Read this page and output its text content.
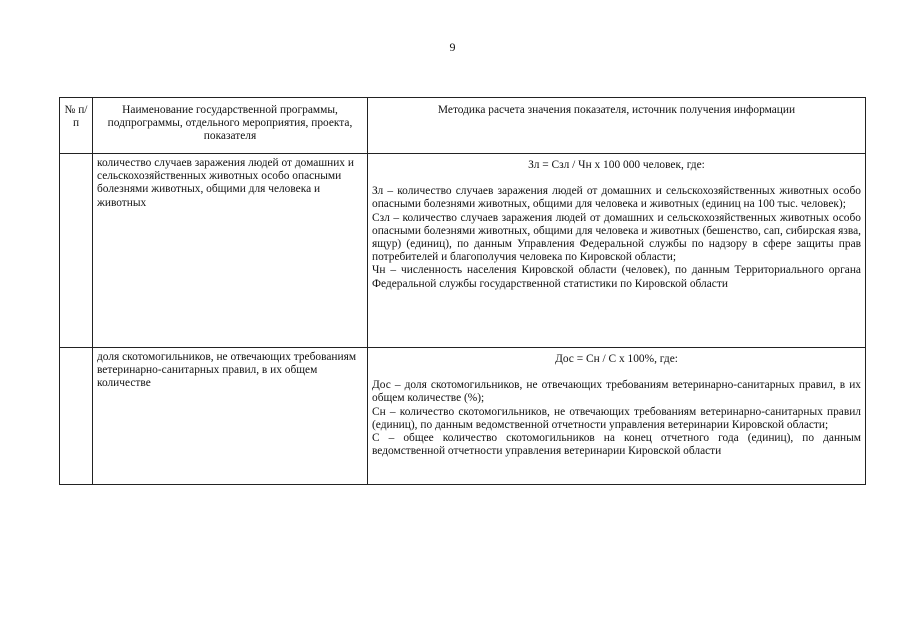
9
№ п/п	Наименование государственной программы, подпрограммы, отдельного мероприятия, проекта, показателя	Методика расчета значения показателя, источник получения информации
	количество случаев заражения людей от домашних и сельскохозяйственных животных особо опасными болезнями животных, общими для человека и животных	Зл = Сзл / Чн х 100 000 человек, где:
Зл – количество случаев заражения людей от домашних и сельскохозяйственных животных особо опасными болезнями животных, общими для человека и животных (единиц на 100 тыс. человек);
Сзл – количество случаев заражения людей от домашних и сельскохозяйственных животных особо опасными болезнями животных, общими для человека и животных (бешенство, сап, сибирская язва, ящур) (единиц), по данным Управления Федеральной службы по надзору в сфере защиты прав потребителей и благополучия человека по Кировской области;
Чн – численность населения Кировской области (человек), по данным Территориального органа Федеральной службы государственной статистики по Кировской области

	доля скотомогильников, не отвечающих требованиям ветеринарно-санитарных правил, в их общем количестве	Дос = Сн / С х 100%, где:
Дос – доля скотомогильников, не отвечающих требованиям ветеринарно-санитарных правил, в их общем количестве (%);
Сн – количество скотомогильников, не отвечающих требованиям ветеринарно-санитарных правил (единиц), по данным ведомственной отчетности управления ветеринарии Кировской области;
С – общее количество скотомогильников на конец отчетного года (единиц), по данным ведомственной отчетности управления ветеринарии Кировской области
